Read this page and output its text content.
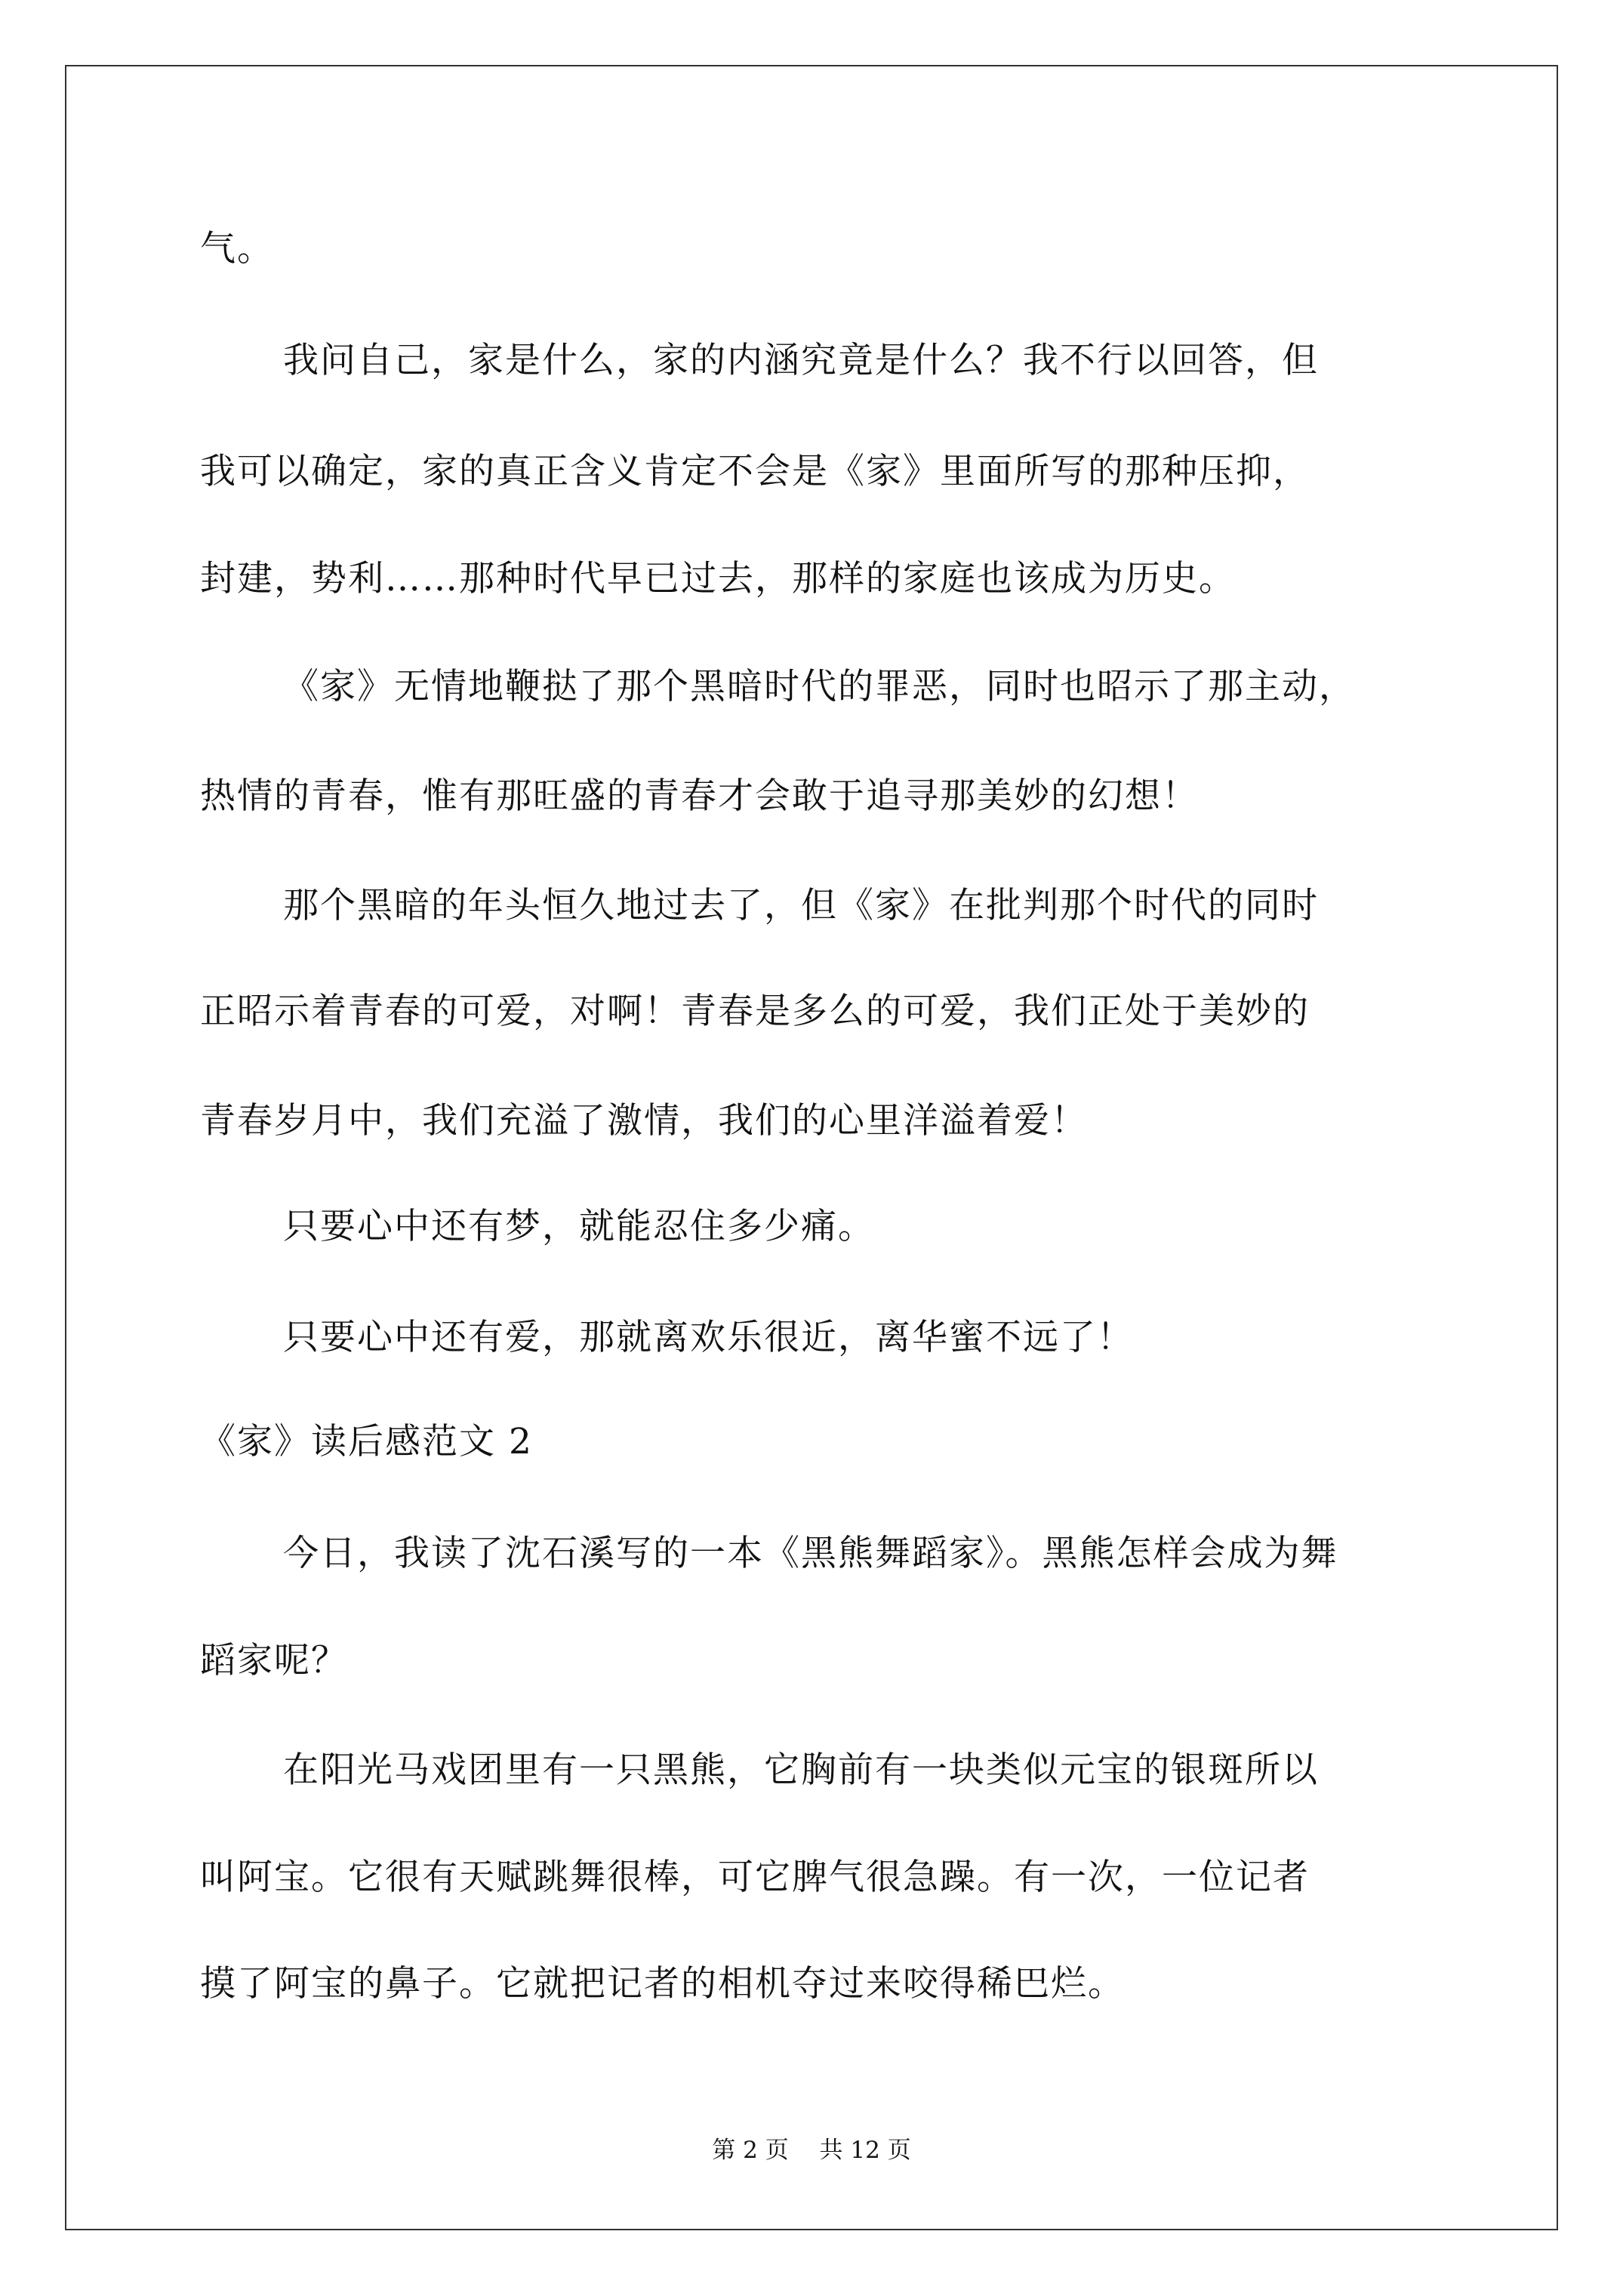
气。
我问自己，家是什么，家的内涵究竟是什么？我不行以回答，但
我可以确定，家的真正含义肯定不会是《家》里面所写的那种压抑，
封建，势利……那种时代早已过去，那样的家庭也该成为历史。
《家》无情地鞭挞了那个黑暗时代的罪恶，同时也昭示了那主动，
热情的青春，惟有那旺盛的青春才会敢于追寻那美妙的幻想！
那个黑暗的年头恒久地过去了，但《家》在批判那个时代的同时
正昭示着青春的可爱，对啊！青春是多么的可爱，我们正处于美妙的
青春岁月中，我们充溢了激情，我们的心里洋溢着爱！
只要心中还有梦，就能忍住多少痛。
只要心中还有爱，那就离欢乐很近，离华蜜不远了！
《家》读后感范文 2
今日，我读了沈石溪写的一本《黑熊舞蹈家》。黑熊怎样会成为舞
蹈家呢？
在阳光马戏团里有一只黑熊，它胸前有一块类似元宝的银斑所以
叫阿宝。它很有天赋跳舞很棒，可它脾气很急躁。有一次，一位记者
摸了阿宝的鼻子。它就把记者的相机夺过来咬得稀巴烂。
第 2 页　 共 12 页
